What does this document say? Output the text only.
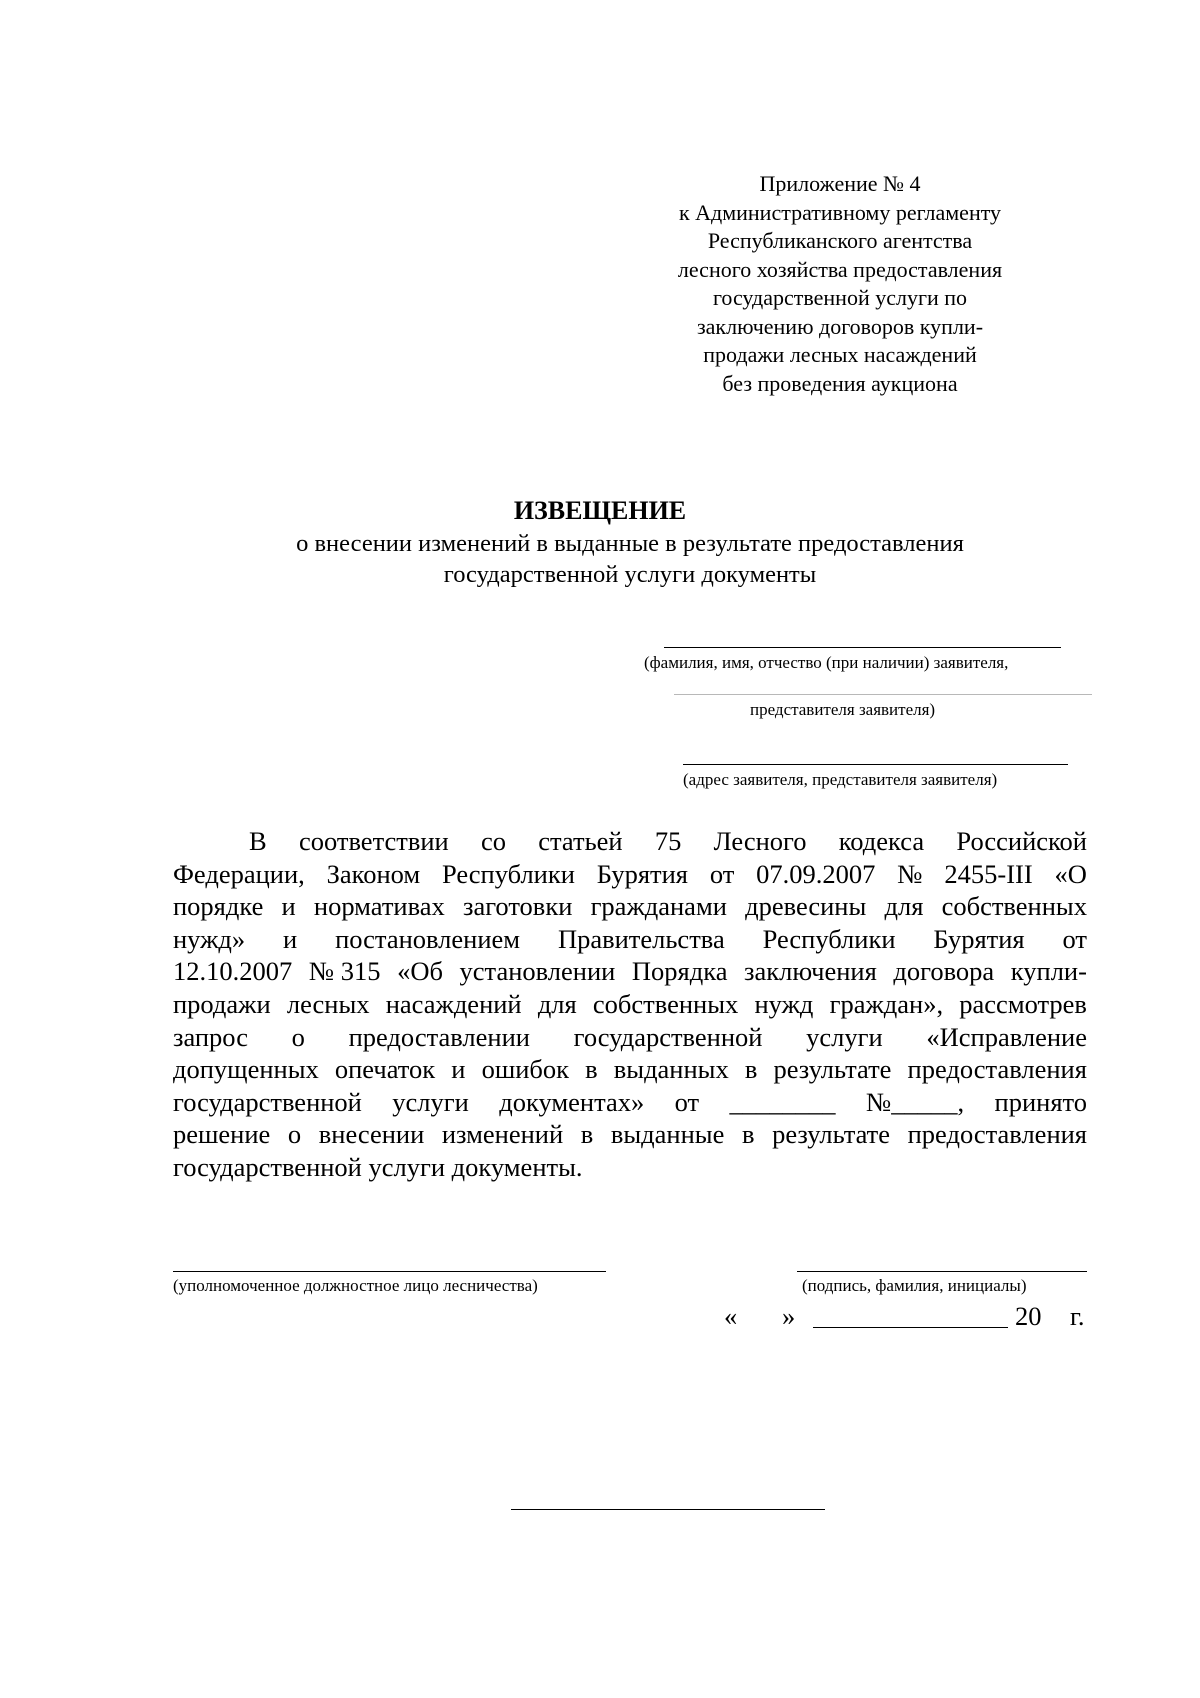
Приложение № 4
к Административному регламенту
Республиканского агентства
лесного хозяйства предоставления
государственной услуги по
заключению договоров купли-
продажи лесных насаждений
без проведения аукциона
ИЗВЕЩЕНИЕ
о внесении изменений в выданные в результате предоставления
государственной услуги документы
(фамилия, имя, отчество (при наличии) заявителя,
представителя заявителя)
(адрес заявителя, представителя заявителя)
В соответствии со статьей 75 Лесного кодекса Российской
Федерации, Законом Республики Бурятия от 07.09.2007 № 2455-III «О
порядке и нормативах заготовки гражданами древесины для собственных
нужд» и постановлением Правительства Республики Бурятия от
12.10.2007 № 315 «Об установлении Порядка заключения договора купли-
продажи лесных насаждений для собственных нужд граждан», рассмотрев
запрос о предоставлении государственной услуги «Исправление
допущенных опечаток и ошибок в выданных в результате предоставления
государственной услуги документах» от ________ №_____, принято
решение о внесении изменений в выданные в результате предоставления
государственной услуги документы.
(уполномоченное должностное лицо лесничества)	(подпись, фамилия, инициалы)
« »	20 г.
